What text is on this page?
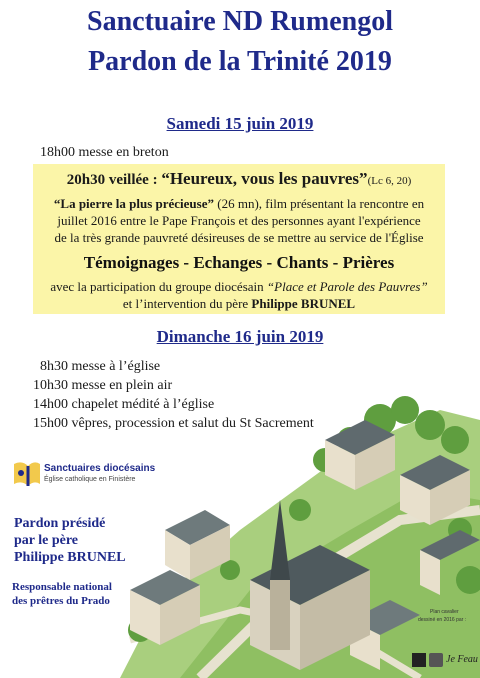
Sanctuaire ND Rumengol
Pardon de la Trinité 2019
Samedi 15 juin 2019
18h00 messe en breton
20h30 veillée : “Heureux, vous les pauvres”(Lc 6, 20)
“La pierre la plus précieuse” (26 mn), film présentant la rencontre en
juillet 2016 entre le Pape François et des personnes ayant l'expérience
de la très grande pauvreté désireuses de se mettre au service de l'Église
Témoignages - Echanges - Chants - Prières
avec la participation du groupe diocésain “Place et Parole des Pauvres”
et l’intervention du père Philippe BRUNEL
Dimanche 16 juin 2019
8h30 messe à l’église
10h30 messe en plein air
14h00 chapelet médité à l’église
15h00 vêpres, procession et salut du St Sacrement
Sanctuaires diocésains
Église catholique en Finistère
Pardon présidé
par le père
Philippe BRUNEL
Responsable national
des prêtres du Prado
Plan cavalier
dessiné en 2016 par :
Je Feau
